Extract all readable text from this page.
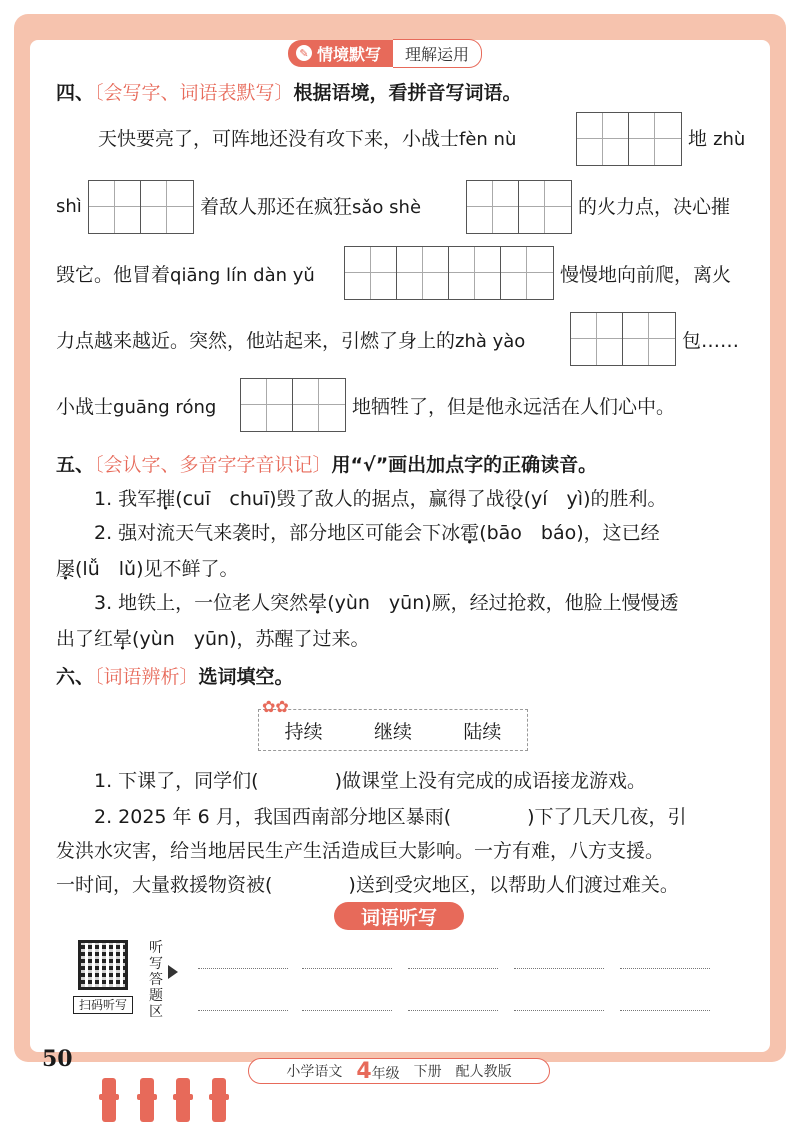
✎ 情境默写	理解运用
四、〔会写字、词语表默写〕根据语境，看拼音写词语。
天快要亮了，可阵地还没有攻下来，小战士fèn nù	地 zhù
shì	着敌人那还在疯狂sǎo shè	的火力点，决心摧
毁它。他冒着qiāng lín dàn yǔ	慢慢地向前爬，离火
力点越来越近。突然，他站起来，引燃了身上的zhà yào	包……
小战士guāng róng	地牺牲了，但是他永远活在人们心中。
五、〔会认字、多音字字音识记〕用“√”画出加点字的正确读音。
1. 我军摧(cuī　chuī)毁了敌人的据点，赢得了战役(yí　yì)的胜利。
2. 强对流天气来袭时，部分地区可能会下冰雹(bāo　báo)，这已经
屡(lǚ　lǔ)见不鲜了。
3. 地铁上，一位老人突然晕(yùn　yūn)厥，经过抢救，他脸上慢慢透
出了红晕(yùn　yūn)，苏醒了过来。
六、〔词语辨析〕选词填空。
持续	继续	陆续
✿✿
1. 下课了，同学们(　　　　)做课堂上没有完成的成语接龙游戏。
2. 2025 年 6 月，我国西南部分地区暴雨(　　　　)下了几天几夜，引
发洪水灾害，给当地居民生产生活造成巨大影响。一方有难，八方支援。
一时间，大量救援物资被(　　　　)送到受灾地区，以帮助人们渡过难关。
词语听写
扫码听写
听写答题区
50	小学语文 4年级 下册 配人教版
